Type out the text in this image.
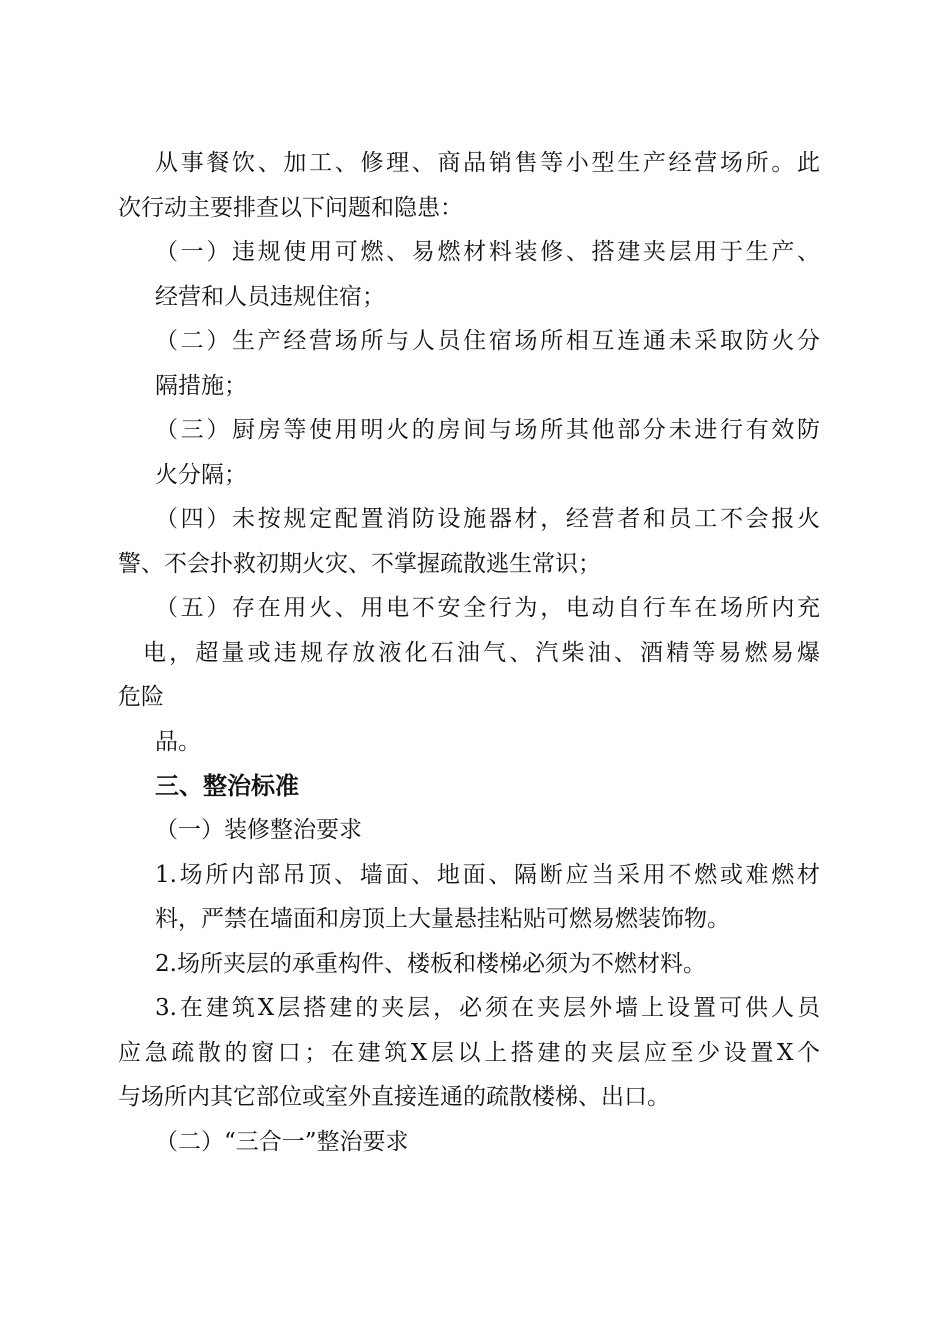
从事餐饮、加工、修理、商品销售等小型生产经营场所。此
次行动主要排查以下问题和隐患：
（一）违规使用可燃、易燃材料装修、搭建夹层用于生产、
经营和人员违规住宿；
（二）生产经营场所与人员住宿场所相互连通未采取防火分
隔措施；
（三）厨房等使用明火的房间与场所其他部分未进行有效防
火分隔；
（四）未按规定配置消防设施器材，经营者和员工不会报火
警、不会扑救初期火灾、不掌握疏散逃生常识；
（五）存在用火、用电不安全行为，电动自行车在场所内充
电，超量或违规存放液化石油气、汽柴油、酒精等易燃易爆
危险
品。
三、整治标准
（一）装修整治要求
1.场所内部吊顶、墙面、地面、隔断应当采用不燃或难燃材
料，严禁在墙面和房顶上大量悬挂粘贴可燃易燃装饰物。
2.场所夹层的承重构件、楼板和楼梯必须为不燃材料。
3.在建筑X层搭建的夹层，必须在夹层外墙上设置可供人员
应急疏散的窗口；在建筑X层以上搭建的夹层应至少设置X个
与场所内其它部位或室外直接连通的疏散楼梯、出口。
（二）“三合一”整治要求
